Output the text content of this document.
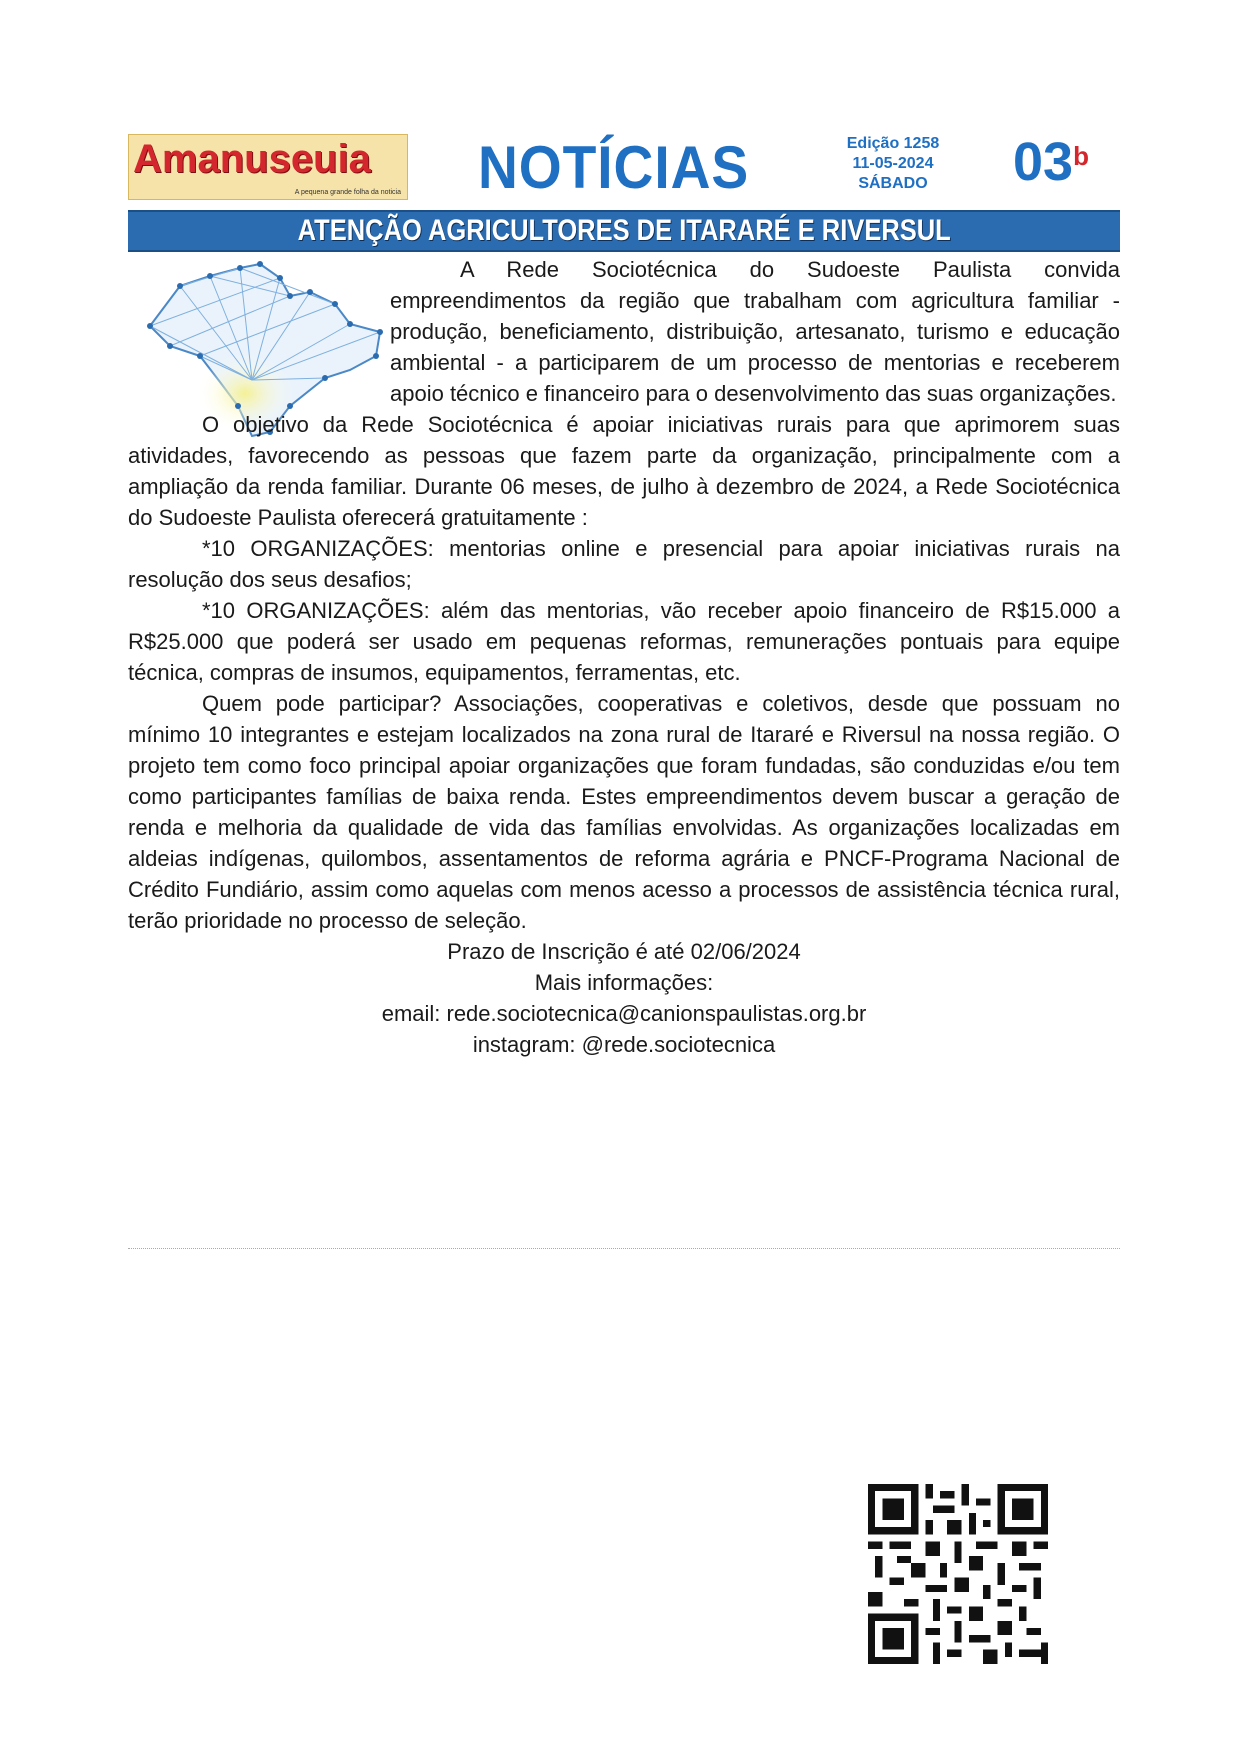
Amanuseuia
A pequena grande folha da noticia NOTÍCIAS	Edição 1258
11-05-2024
SÁBADO	03$^b$
ATENÇÃO AGRICULTORES DE ITARARÉ E RIVERSUL

A Rede Sociotécnica do Sudoeste Paulista convida empreendimentos da região que trabalham com agricultura familiar - produção, beneficiamento, distribuição, artesanato, turismo e educação ambiental - a participarem de um processo de mentorias e receberem apoio técnico e financeiro para o desenvolvimento das suas organizações.

O objetivo da Rede Sociotécnica é apoiar iniciativas rurais para que aprimorem suas atividades, favorecendo as pessoas que fazem parte da organização, principalmente com a ampliação da renda familiar. Durante 06 meses, de julho à dezembro de 2024, a Rede Sociotécnica do Sudoeste Paulista oferecerá gratuitamente :

*10 ORGANIZAÇÕES: mentorias online e presencial para apoiar iniciativas rurais na resolução dos seus desafios;

*10 ORGANIZAÇÕES: além das mentorias, vão receber apoio financeiro de R$15.000 a R$25.000 que poderá ser usado em pequenas reformas, remunerações pontuais para equipe técnica, compras de insumos, equipamentos, ferramentas, etc.

Quem pode participar? Associações, cooperativas e coletivos, desde que possuam no mínimo 10 integrantes e estejam localizados na zona rural de Itararé e Riversul na nossa região. O projeto tem como foco principal apoiar organizações que foram fundadas, são conduzidas e/ou tem como participantes famílias de baixa renda. Estes empreendimentos devem buscar a geração de renda e melhoria da qualidade de vida das famílias envolvidas. As organizações localizadas em aldeias indígenas, quilombos, assentamentos de reforma agrária e PNCF-Programa Nacional de Crédito Fundiário, assim como aquelas com menos acesso a processos de assistência técnica rural, terão prioridade no processo de seleção.

Prazo de Inscrição é até 02/06/2024

Mais informações:

email: rede.sociotecnica@canionspaulistas.org.br

instagram: @rede.sociotecnica
